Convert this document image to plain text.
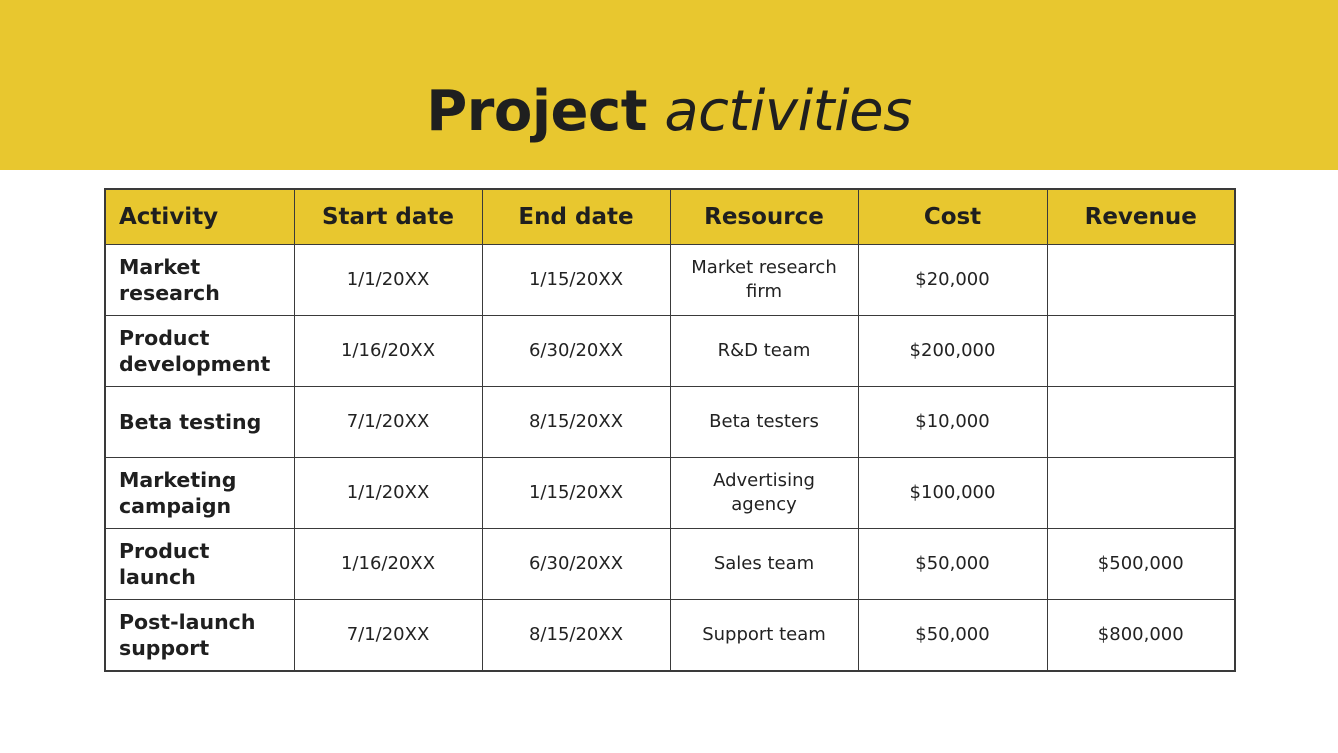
Project activities
Activity	Start date	End date	Resource	Cost	Revenue
Market research	1/1/20XX	1/15/20XX	Market research firm	$20,000	
Product development	1/16/20XX	6/30/20XX	R&D team	$200,000	
Beta testing	7/1/20XX	8/15/20XX	Beta testers	$10,000	
Marketing campaign	1/1/20XX	1/15/20XX	Advertising agency	$100,000	
Product launch	1/16/20XX	6/30/20XX	Sales team	$50,000	$500,000
Post-launch support	7/1/20XX	8/15/20XX	Support team	$50,000	$800,000
